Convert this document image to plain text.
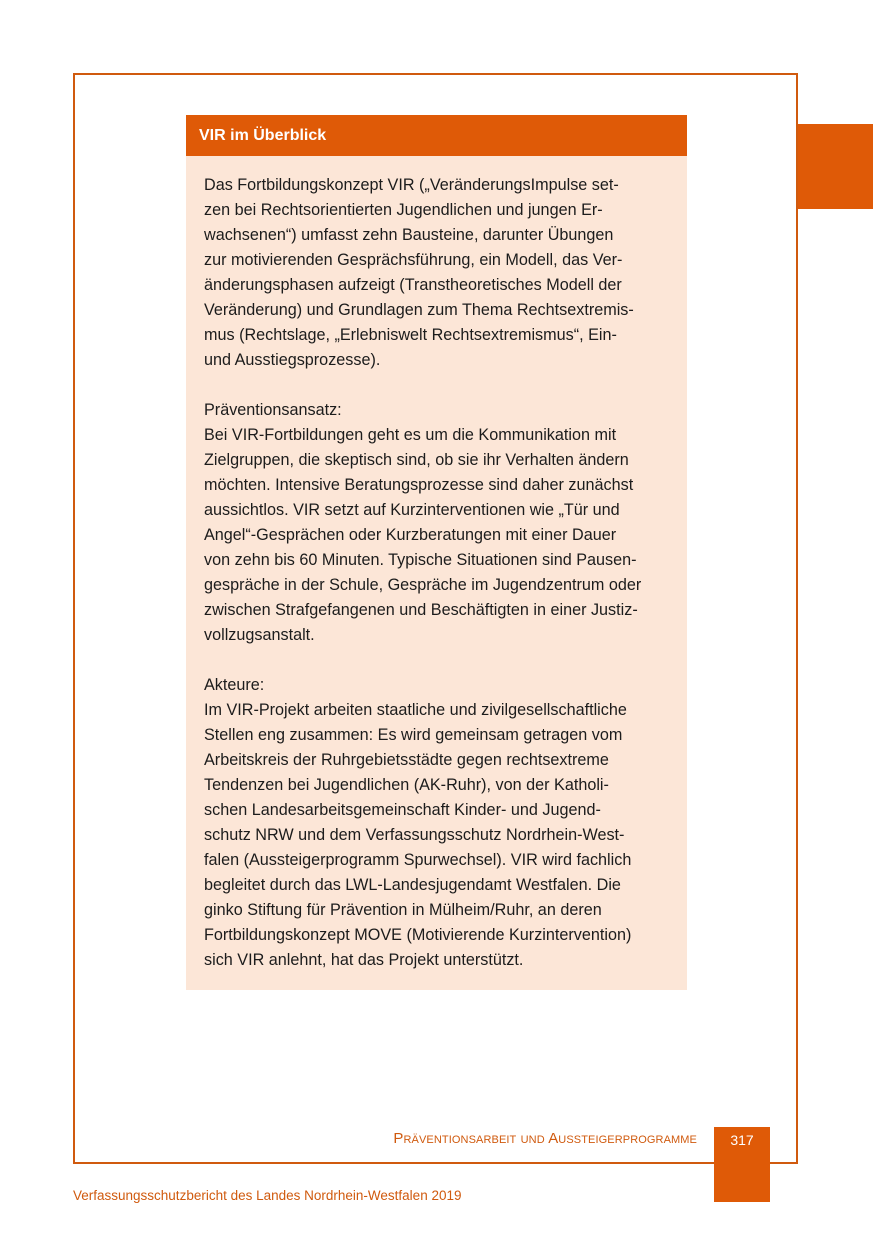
VIR im Überblick
Das Fortbildungskonzept VIR („VeränderungsImpulse set-
zen bei Rechtsorientierten Jugendlichen und jungen Er-
wachsenen“) umfasst zehn Bausteine, darunter Übungen
zur motivierenden Gesprächsführung, ein Modell, das Ver-
änderungsphasen aufzeigt (Transtheoretisches Modell der
Veränderung) und Grundlagen zum Thema Rechtsextremis-
mus (Rechtslage, „Erlebniswelt Rechtsextremismus“, Ein-
und Ausstiegsprozesse).
Präventionsansatz:
Bei VIR-Fortbildungen geht es um die Kommunikation mit
Zielgruppen, die skeptisch sind, ob sie ihr Verhalten ändern
möchten. Intensive Beratungsprozesse sind daher zunächst
aussichtlos. VIR setzt auf Kurzinterventionen wie „Tür und
Angel“-Gesprächen oder Kurzberatungen mit einer Dauer
von zehn bis 60 Minuten. Typische Situationen sind Pausen-
gespräche in der Schule, Gespräche im Jugendzentrum oder
zwischen Strafgefangenen und Beschäftigten in einer Justiz-
vollzugsanstalt.
Akteure:
Im VIR-Projekt arbeiten staatliche und zivilgesellschaftliche
Stellen eng zusammen: Es wird gemeinsam getragen vom
Arbeitskreis der Ruhrgebietsstädte gegen rechtsextreme
Tendenzen bei Jugendlichen (AK-Ruhr), von der Katholi-
schen Landesarbeitsgemeinschaft Kinder- und Jugend-
schutz NRW und dem Verfassungsschutz Nordrhein-West-
falen (Aussteigerprogramm Spurwechsel). VIR wird fachlich
begleitet durch das LWL-Landesjugendamt Westfalen. Die
ginko Stiftung für Prävention in Mülheim/Ruhr, an deren
Fortbildungskonzept MOVE (Motivierende Kurzintervention)
sich VIR anlehnt, hat das Projekt unterstützt.
Präventionsarbeit und Aussteigerprogramme	317
Verfassungsschutzbericht des Landes Nordrhein-Westfalen 2019
